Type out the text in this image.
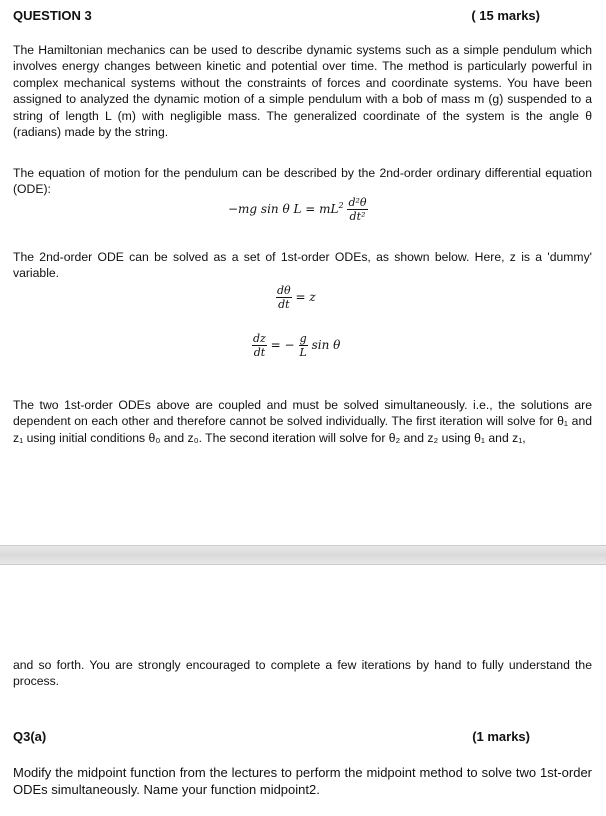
QUESTION 3	( 15 marks)

The Hamiltonian mechanics can be used to describe dynamic systems such as a simple pendulum which involves energy changes between kinetic and potential over time. The method is particularly powerful in complex mechanical systems without the constraints of forces and coordinate systems. You have been assigned to analyzed the dynamic motion of a simple pendulum with a bob of mass m (g) suspended to a string of length L (m) with negligible mass. The generalized coordinate of the system is the angle θ (radians) made by the string.

The equation of motion for the pendulum can be described by the 2nd-order ordinary differential equation (ODE):

−mg sin θ $L = mL^2 \frac{\text{d²θ}}{\text{dt²}}$

The 2nd-order ODE can be solved as a set of 1st-order ODEs, as shown below. Here, z is a 'dummy' variable.

$\frac{d\theta}{dt} = z$
$\frac{dz}{dt}$ = − $\frac{g}{L}$ sin θ

The two 1st-order ODEs above are coupled and must be solved simultaneously. i.e., the solutions are dependent on each other and therefore cannot be solved individually. The first iteration will solve for θ₁ and z₁ using initial conditions θ₀ and z₀. The second iteration will solve for θ₂ and z₂ using θ₁ and z₁,

and so forth. You are strongly encouraged to complete a few iterations by hand to fully understand the process.

Q3(a)	(1 marks)

Modify the midpoint function from the lectures to perform the midpoint method to solve two 1st-order ODEs simultaneously. Name your function midpoint2.
